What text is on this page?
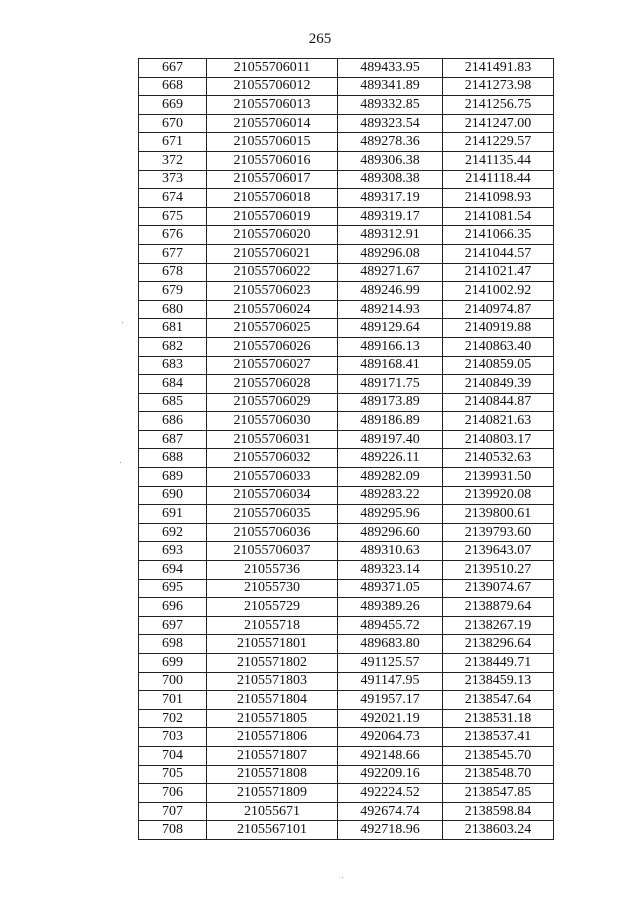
265
667	21055706011	489433.95	2141491.83
668	21055706012	489341.89	2141273.98
669	21055706013	489332.85	2141256.75
670	21055706014	489323.54	2141247.00
671	21055706015	489278.36	2141229.57
372	21055706016	489306.38	2141135.44
373	21055706017	489308.38	2141118.44
674	21055706018	489317.19	2141098.93
675	21055706019	489319.17	2141081.54
676	21055706020	489312.91	2141066.35
677	21055706021	489296.08	2141044.57
678	21055706022	489271.67	2141021.47
679	21055706023	489246.99	2141002.92
680	21055706024	489214.93	2140974.87
681	21055706025	489129.64	2140919.88
682	21055706026	489166.13	2140863.40
683	21055706027	489168.41	2140859.05
684	21055706028	489171.75	2140849.39
685	21055706029	489173.89	2140844.87
686	21055706030	489186.89	2140821.63
687	21055706031	489197.40	2140803.17
688	21055706032	489226.11	2140532.63
689	21055706033	489282.09	2139931.50
690	21055706034	489283.22	2139920.08
691	21055706035	489295.96	2139800.61
692	21055706036	489296.60	2139793.60
693	21055706037	489310.63	2139643.07
694	21055736	489323.14	2139510.27
695	21055730	489371.05	2139074.67
696	21055729	489389.26	2138879.64
697	21055718	489455.72	2138267.19
698	2105571801	489683.80	2138296.64
699	2105571802	491125.57	2138449.71
700	2105571803	491147.95	2138459.13
701	2105571804	491957.17	2138547.64
702	2105571805	492021.19	2138531.18
703	2105571806	492064.73	2138537.41
704	2105571807	492148.66	2138545.70
705	2105571808	492209.16	2138548.70
706	2105571809	492224.52	2138547.85
707	21055671	492674.74	2138598.84
708	2105567101	492718.96	2138603.24
